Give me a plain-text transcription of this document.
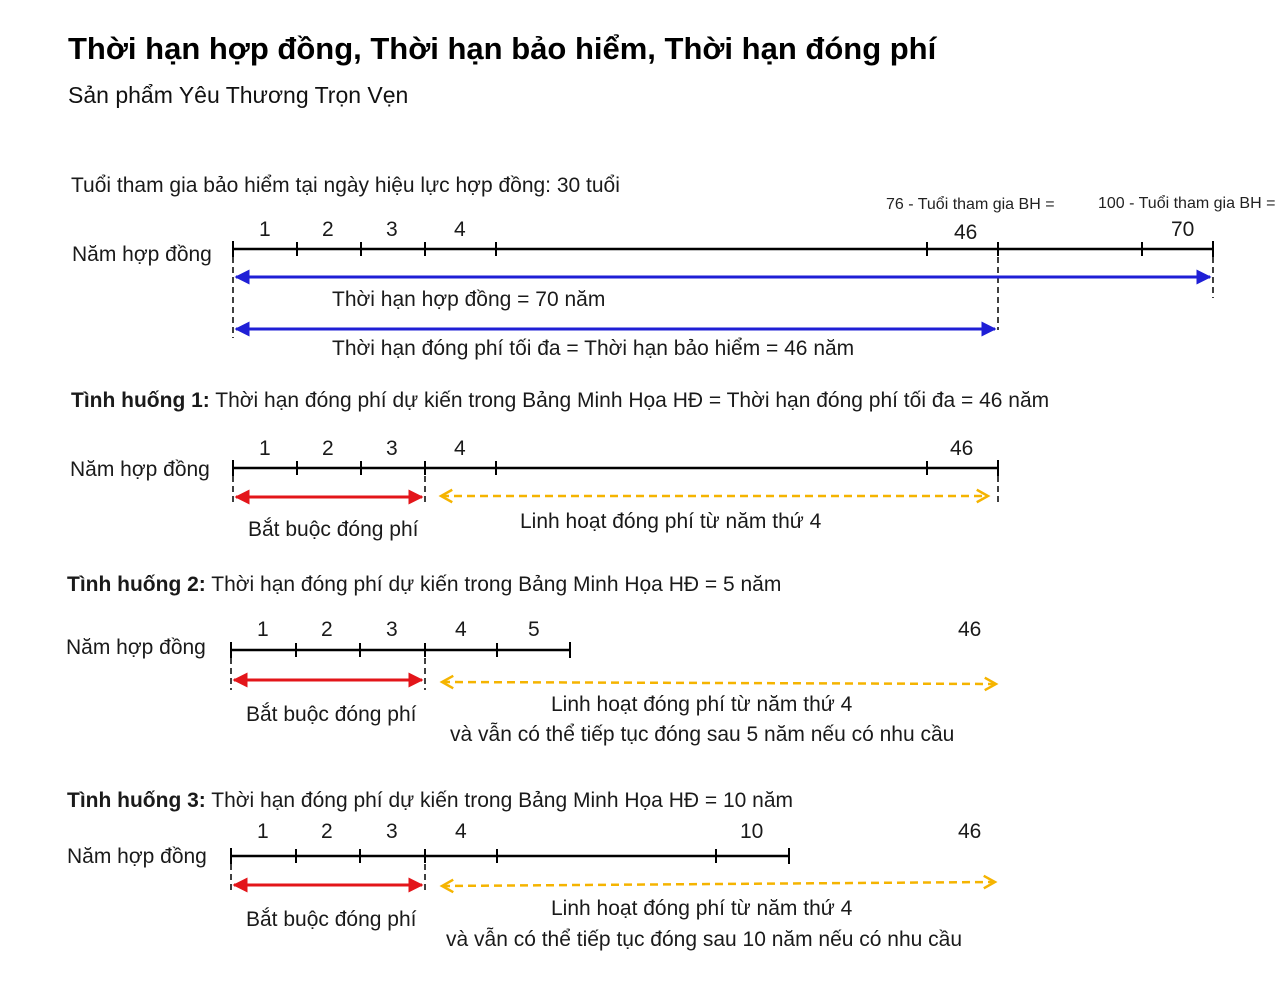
Thời hạn hợp đồng, Thời hạn bảo hiểm, Thời hạn đóng phí
Sản phẩm Yêu Thương Trọn Vẹn
Tuổi tham gia bảo hiểm tại ngày hiệu lực hợp đồng: 30 tuổi
Năm hợp đồng
1 2 3	4
76 - Tuổi tham gia BH =
46
100 - Tuổi tham gia BH =
70
Thời hạn hợp đồng = 70 năm
Thời hạn đóng phí tối đa = Thời hạn bảo hiểm = 46 năm
Tình huống 1: Thời hạn đóng phí dự kiến trong Bảng Minh Họa HĐ = Thời hạn đóng phí tối đa = 46 năm
Năm hợp đồng
1 2 3	4	46
Bắt buộc đóng phí	Linh hoạt đóng phí từ năm thứ 4
Tình huống 2: Thời hạn đóng phí dự kiến trong Bảng Minh Họa HĐ = 5 năm
Năm hợp đồng
1 2	3	4	5	46
Bắt buộc đóng phí	Linh hoạt đóng phí từ năm thứ 4
và vẫn có thể tiếp tục đóng sau 5 năm nếu có nhu cầu
Tình huống 3: Thời hạn đóng phí dự kiến trong Bảng Minh Họa HĐ = 10 năm
Năm hợp đồng
1 2	3	4	10	46
Bắt buộc đóng phí	Linh hoạt đóng phí từ năm thứ 4
và vẫn có thể tiếp tục đóng sau 10 năm nếu có nhu cầu
